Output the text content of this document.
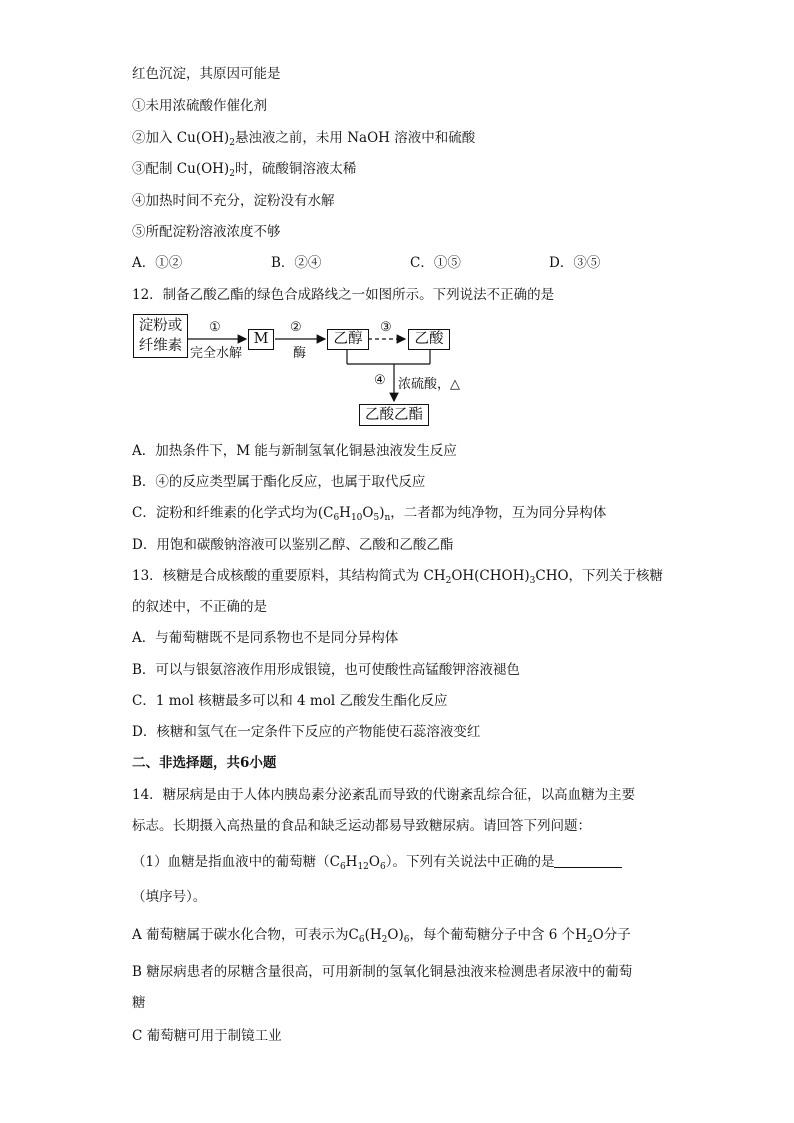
红色沉淀，其原因可能是
①未用浓硫酸作催化剂
②加入 $Cu(OH)_2$悬浊液之前，未用 NaOH 溶液中和硫酸
③配制 $Cu(OH)_2$时，硫酸铜溶液太稀
④加热时间不充分，淀粉没有水解
⑤所配淀粉溶液浓度不够
A．①②	B．②④	C．①⑤	D．③⑤
12．制备乙酸乙酯的绿色合成路线之一如图所示。下列说法不正确的是
淀粉或
纤维素
①
完全水解
M
②
酶
乙醇
③
乙酸
④ 浓硫酸，△
乙酸乙酯
A．加热条件下，M 能与新制氢氧化铜悬浊液发生反应
B．④的反应类型属于酯化反应，也属于取代反应
C．淀粉和纤维素的化学式均为$(C_6H_{10}O_5)_n$，二者都为纯净物，互为同分异构体
D．用饱和碳酸钠溶液可以鉴别乙醇、乙酸和乙酸乙酯
13．核糖是合成核酸的重要原料，其结构简式为 $CH_2OH(CHOH)_3CHO$，下列关于核糖
的叙述中，不正确的是
A．与葡萄糖既不是同系物也不是同分异构体
B．可以与银氨溶液作用形成银镜，也可使酸性高锰酸钾溶液褪色
C．1 mol 核糖最多可以和 4 mol 乙酸发生酯化反应
D．核糖和氢气在一定条件下反应的产物能使石蕊溶液变红
二、非选择题，共6小题
14．糖尿病是由于人体内胰岛素分泌紊乱而导致的代谢紊乱综合征，以高血糖为主要
标志。长期摄入高热量的食品和缺乏运动都易导致糖尿病。请回答下列问题：
（1）血糖是指血液中的葡萄糖$(C_6H_{12}O_6)$。下列有关说法中正确的是
（填序号）。
A 葡萄糖属于碳水化合物，可表示为$C_6(H_2O)_6$，每个葡萄糖分子中含 6 个$H_2O$分子
B 糖尿病患者的尿糖含量很高，可用新制的氢氧化铜悬浊液来检测患者尿液中的葡萄
糖
C 葡萄糖可用于制镜工业
